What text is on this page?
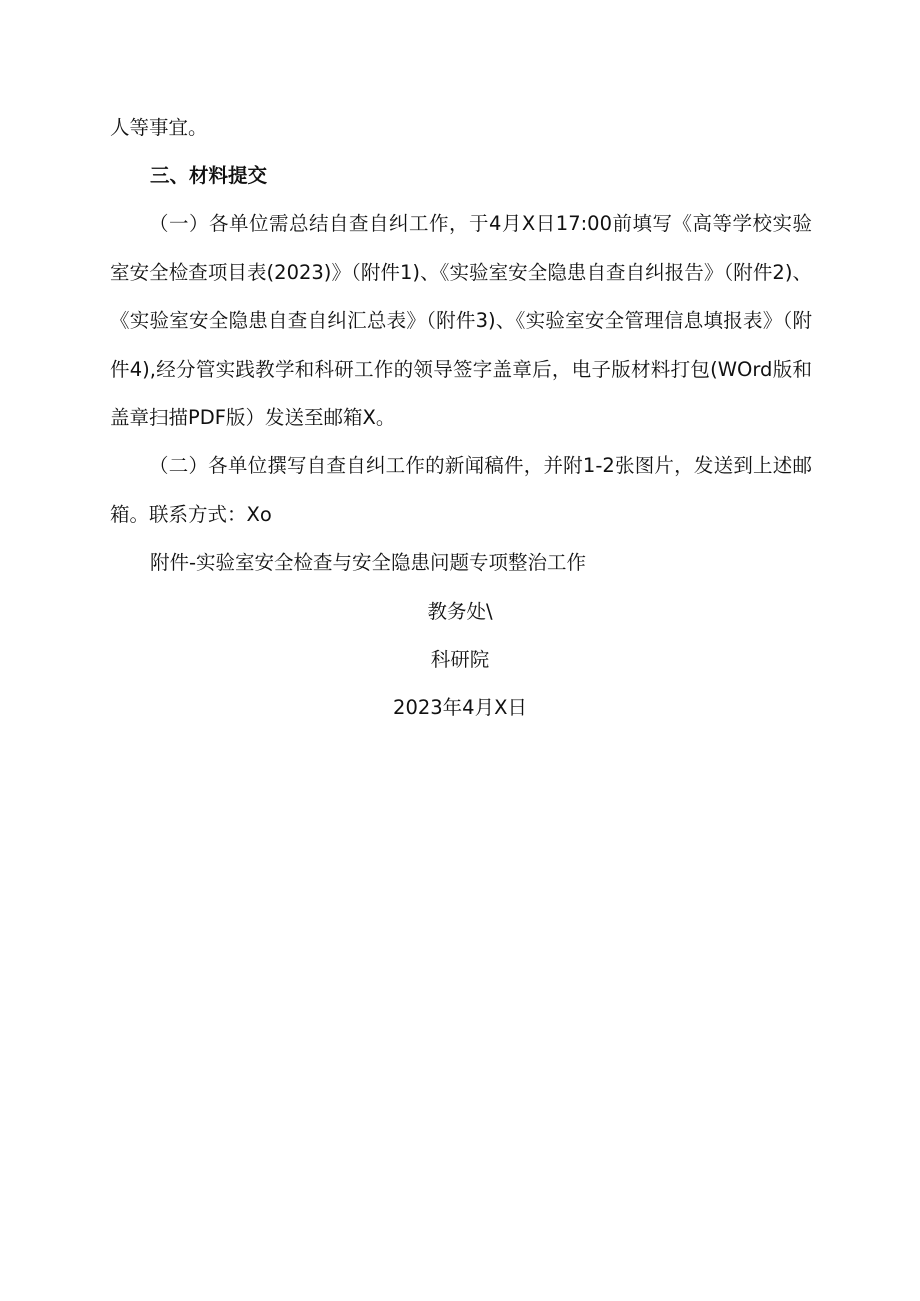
人等事宜。
三、材料提交
（一）各单位需总结自查自纠工作，于4月X日17:00前填写《高等学校实验室安全检查项目表(2023)》（附件1)、《实验室安全隐患自查自纠报告》（附件2)、《实验室安全隐患自查自纠汇总表》（附件3)、《实验室安全管理信息填报表》（附件4),经分管实践教学和科研工作的领导签字盖章后，电子版材料打包(WOrd版和盖章扫描PDF版）发送至邮箱X。
（二）各单位撰写自查自纠工作的新闻稿件，并附1-2张图片，发送到上述邮箱。联系方式：Xo
附件-实验室安全检查与安全隐患问题专项整治工作
教务处\
科研院
2023年4月X日
